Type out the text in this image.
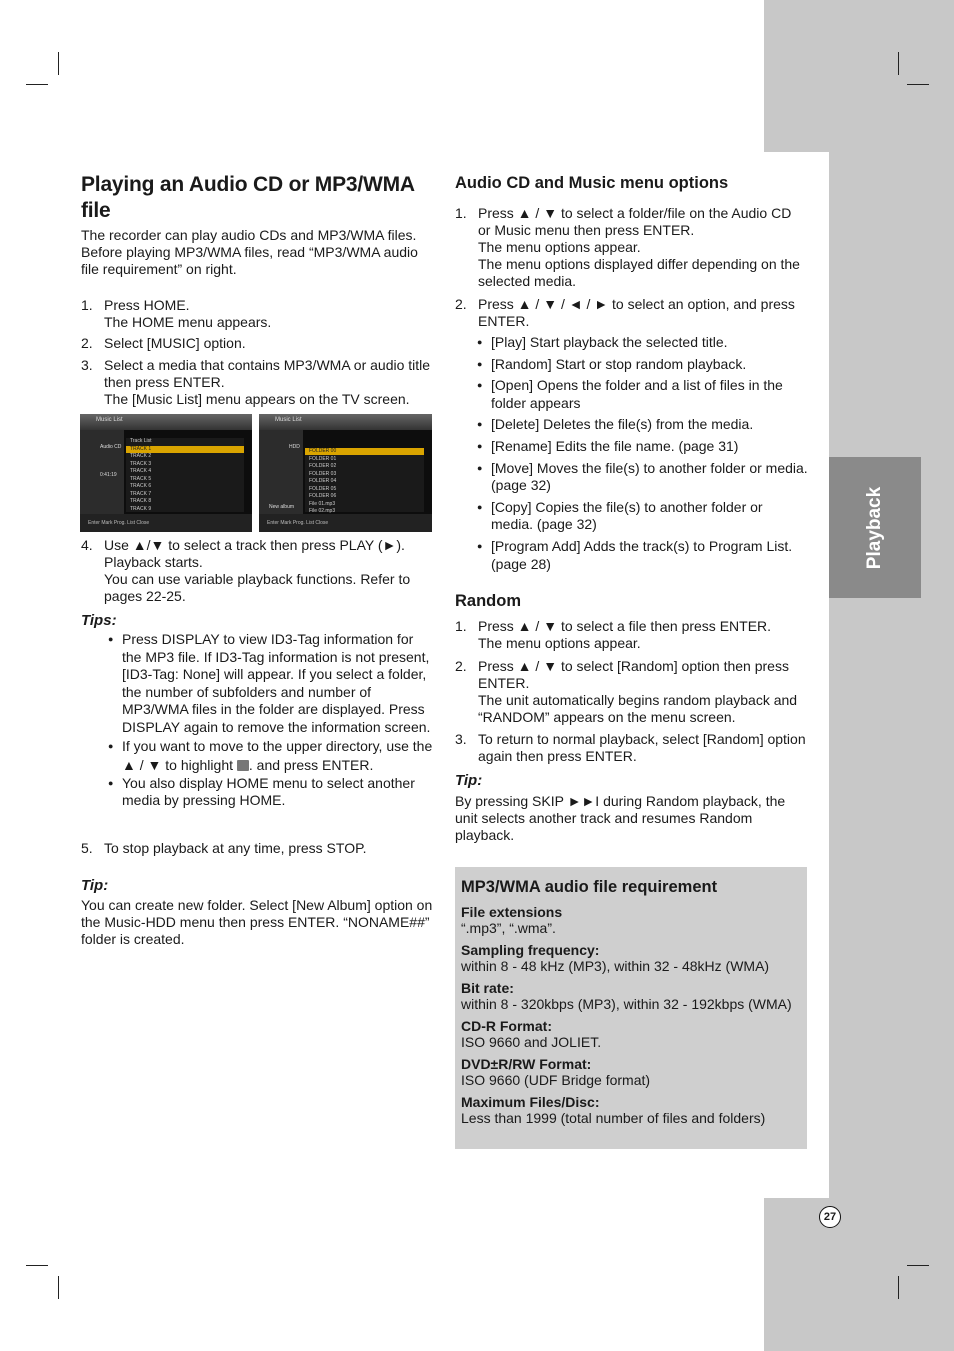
Playback
27
Playing an Audio CD or MP3/WMA file

The recorder can play audio CDs and MP3/WMA files. Before playing MP3/WMA files, read “MP3/WMA audio file requirement” on right.

1. Press HOME.
The HOME menu appears.
2. Select [MUSIC] option.
3. Select a media that contains MP3/WMA or audio title then press ENTER.
The [Music List] menu appears on the TV screen.
Music List
Audio CD
0:41:19
Track List
TRACK 1
TRACK 2
TRACK 3
TRACK 4
TRACK 5
TRACK 6
TRACK 7
TRACK 8
TRACK 9
Enter Mark Prog. List Close
Music List
HDD
New album
FOLDER 00
FOLDER 01
FOLDER 02
FOLDER 03
FOLDER 04
FOLDER 05
FOLDER 06
File 01.mp3
File 02.mp3
Enter Mark Prog. List Close
4. Use ▲/▼ to select a track then press PLAY (►).
Playback starts.
You can use variable playback functions. Refer to pages 22-25.
Tips:
● Press DISPLAY to view ID3-Tag information for the MP3 file. If ID3-Tag information is not present, [ID3-Tag: None] will appear. If you select a folder, the number of subfolders and number of MP3/WMA files in the folder are displayed. Press DISPLAY again to remove the information screen.
● If you want to move to the upper directory, use the ▲ / ▼ to highlight . and press ENTER.
● You also display HOME menu to select another media by pressing HOME.
5. To stop playback at any time, press STOP.
Tip:

You can create new folder. Select [New Album] option on the Music-HDD menu then press ENTER. “NONAME##” folder is created.

Audio CD and Music menu options
1. Press ▲ / ▼ to select a folder/file on the Audio CD or Music menu then press ENTER.
The menu options appear.
The menu options displayed differ depending on the selected media.
2. Press ▲ / ▼ / ◄ / ► to select an option, and press ENTER.
● [Play] Start playback the selected title.
● [Random] Start or stop random playback.
● [Open] Opens the folder and a list of files in the folder appears
● [Delete] Deletes the file(s) from the media.
● [Rename] Edits the file name. (page 31)
● [Move] Moves the file(s) to another folder or media. (page 32)
● [Copy] Copies the file(s) to another folder or media. (page 32)
● [Program Add] Adds the track(s) to Program List. (page 28)
Random
1. Press ▲ / ▼ to select a file then press ENTER.
The menu options appear.
2. Press ▲ / ▼ to select [Random] option then press ENTER.
The unit automatically begins random playback and “RANDOM” appears on the menu screen.
3. To return to normal playback, select [Random] option again then press ENTER.
Tip:

By pressing SKIP ►►I during Random playback, the unit selects another track and resumes Random playback.

MP3/WMA audio file requirement
File extensions
“.mp3”, “.wma”.
Sampling frequency:
within 8 - 48 kHz (MP3), within 32 - 48kHz (WMA)
Bit rate:
within 8 - 320kbps (MP3), within 32 - 192kbps (WMA)
CD-R Format:
ISO 9660 and JOLIET.
DVD±R/RW Format:
ISO 9660 (UDF Bridge format)
Maximum Files/Disc:
Less than 1999 (total number of files and folders)
